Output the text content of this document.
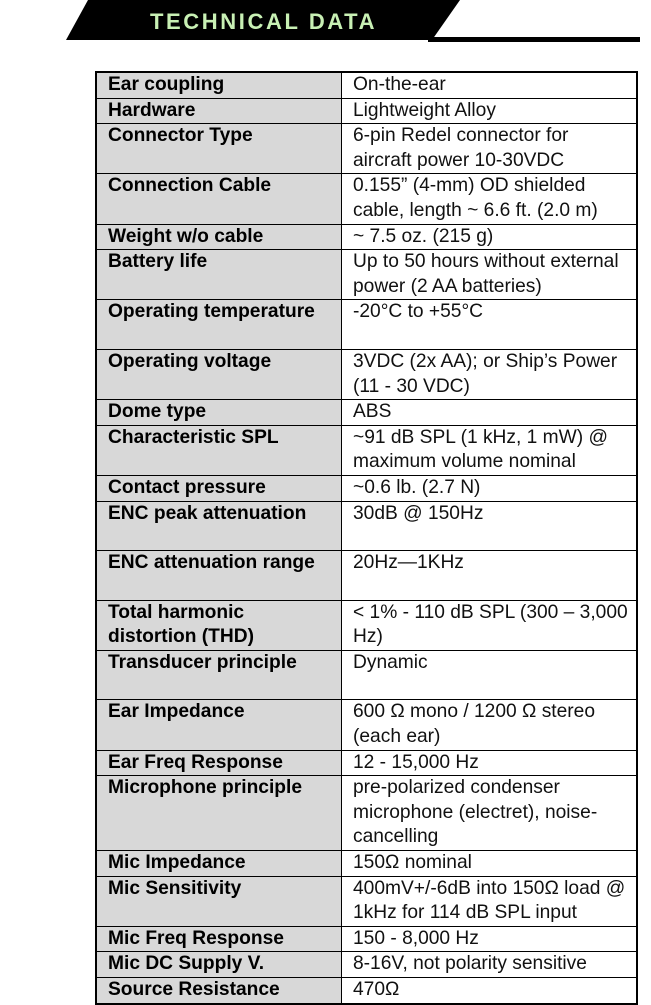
TECHNICAL DATA
Ear coupling	On-the-ear
Hardware	Lightweight Alloy
Connector Type	6-pin Redel connector for aircraft power 10-30VDC
Connection Cable	0.155” (4-mm) OD shielded cable, length ~ 6.6 ft. (2.0 m)
Weight w/o cable	~ 7.5 oz. (215 g)
Battery life	Up to 50 hours without external power (2 AA batteries)
Operating temperature	-20°C to +55°C
Operating voltage	3VDC (2x AA); or Ship’s Power (11 - 30 VDC)
Dome type	ABS
Characteristic SPL	~91 dB SPL (1 kHz, 1 mW) @ maximum volume nominal
Contact pressure	~0.6 lb. (2.7 N)
ENC peak attenuation	30dB @ 150Hz
ENC attenuation range	20Hz—1KHz
Total harmonic distortion (THD)	< 1% - 110 dB SPL (300 – 3,000 Hz)
Transducer principle	Dynamic
Ear Impedance	600 Ω mono / 1200 Ω stereo (each ear)
Ear Freq Response	12 - 15,000 Hz
Microphone principle	pre-polarized condenser microphone (electret), noise-cancelling
Mic Impedance	150Ω nominal
Mic Sensitivity	400mV+/-6dB into 150Ω load @ 1kHz for 114 dB SPL input
Mic Freq Response	150 - 8,000 Hz
Mic DC Supply V.	8-16V, not polarity sensitive
Source Resistance	470Ω
